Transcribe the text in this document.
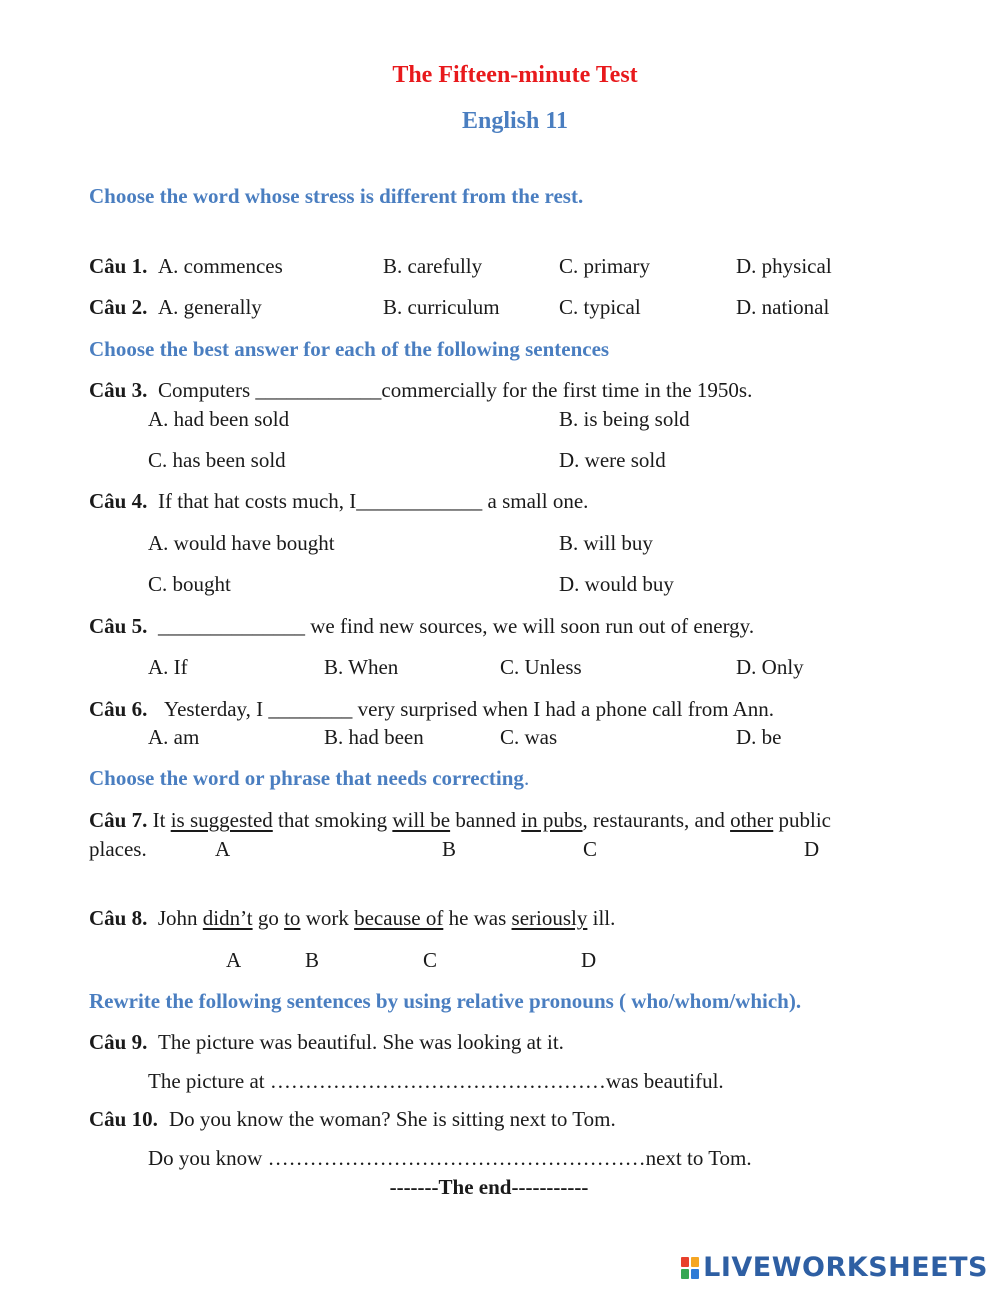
The Fifteen-minute Test
English 11
Choose the word whose stress is different from the rest.
Câu 1. A. commences	B. carefully	C. primary	D. physical
Câu 2. A. generally	B. curriculum	C. typical	D. national
Choose the best answer for each of the following sentences
Câu 3. Computers ____________commercially for the first time in the 1950s.
A. had been sold	B. is being sold
C. has been sold	D. were sold
Câu 4. If that hat costs much, I____________ a small one.
A. would have bought	B. will buy
C. bought	D. would buy
Câu 5. ______________ we find new sources, we will soon run out of energy.
A. If	B. When	C. Unless	D. Only
Câu 6. Yesterday, I ________ very surprised when I had a phone call from Ann.
A. am	B. had been	C. was	D. be
Choose the word or phrase that needs correcting.
Câu 7. It is suggested that smoking will be banned in pubs, restaurants, and other public
places.	A	B	C	D
Câu 8. John didn’t go to work because of he was seriously ill.
A	B	C	D
Rewrite the following sentences by using relative pronouns ( who/whom/which).
Câu 9. The picture was beautiful. She was looking at it.
The picture at …………………………………………was beautiful.
Câu 10. Do you know the woman? She is sitting next to Tom.
Do you know ………………………………………………next to Tom.
-------The end-----------
LIVEWORKSHEETS
